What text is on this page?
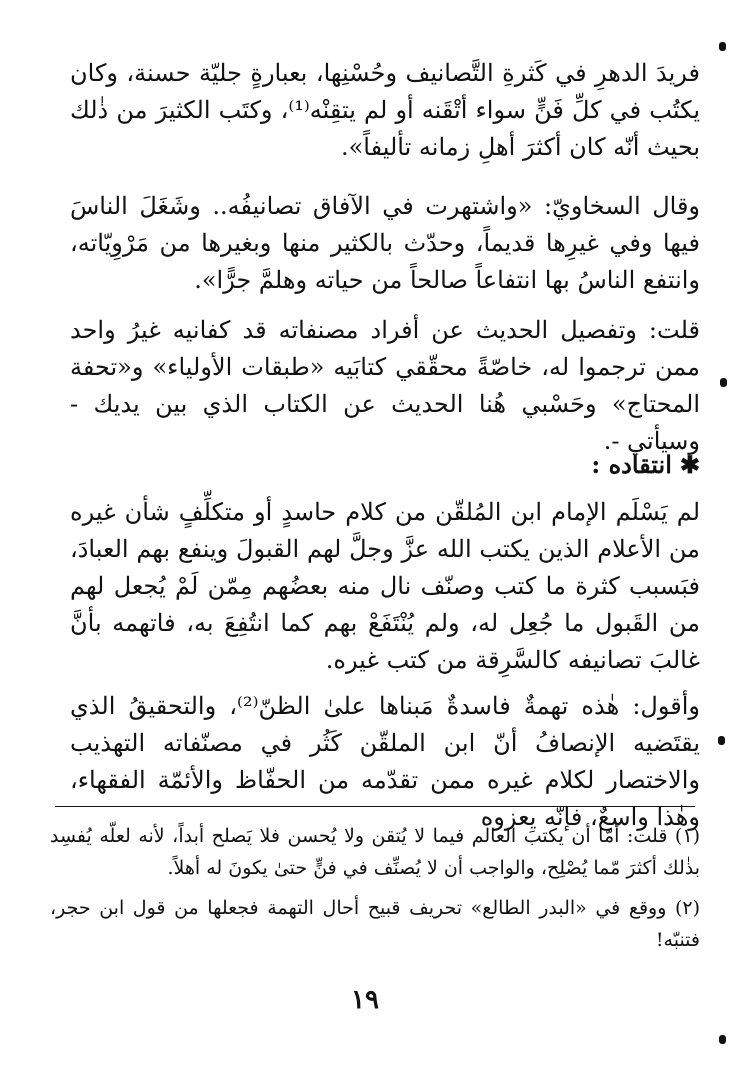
فريدَ الدهرِ في كَثرةِ التَّصانيف وحُسْنِها، بعبارةٍ جليّة حسنة، وكان يكتُب في كلِّ فَنٍّ سواء أتْقَنه أو لم يتقِنْه⁽¹⁾، وكتَب الكثيرَ من ذٰلك بحيث أنّه كان أكثرَ أهلِ زمانه تأليفاً».
وقال السخاويّ: «واشتهرت في الآفاق تصانيفُه.. وشَغَلَ الناسَ فيها وفي غيرِها قديماً، وحدّث بالكثير منها وبغيرها من مَرْوِيّاته، وانتفع الناسُ بها انتفاعاً صالحاً من حياته وهلمَّ جرًّا».
قلت: وتفصيل الحديث عن أفراد مصنفاته قد كفانيه غيرُ واحد ممن ترجموا له، خاصّةً محقّقي كتابَيه «طبقات الأولياء» و«تحفة المحتاج» وحَسْبي هُنا الحديث عن الكتاب الذي بين يديك - وسيأتي -.
✱انتقاده :
لم يَسْلَم الإمام ابن المُلقّن من كلام حاسدٍ أو متكلِّفٍ شأن غيره من الأعلام الذين يكتب الله عزَّ وجلَّ لهم القبولَ وينفع بهم العبادَ، فبَسبب كثرة ما كتب وصنّف نال منه بعضُهم مِمّن لَمْ يُجعل لهم من القَبول ما جُعِل له، ولم يُنْتَفَعْ بهم كما انتُفِعَ به، فاتهمه بأنَّ غالبَ تصانيفه كالسَّرِقة من كتب غيره.
وأقول: هٰذه تهمةٌ فاسدةٌ مَبناها علىٰ الظنّ⁽²⁾، والتحقيقُ الذي يقتَضيه الإنصافُ أنّ ابن الملقّن كَثُر في مصنّفاته التهذيب والاختصار لكلام غيره ممن تقدّمه من الحفّاظ والأئمّة الفقهاء، وهٰذا واسعٌ، فإنّه يعزوه
(١) قلت: أمّا أن يكتبَ العالم فيما لا يُتقن ولا يُحسن فلا يَصلح أبداً، لأنه لعلّه يُفسِد بذٰلك أكثرَ مّما يُصْلِح، والواجب أن لا يُصنِّف في فنٍّ حتىٰ يكونَ له أهلاً.
(٢) ووقع في «البدر الطالع» تحريف قبيح أحال التهمة فجعلها من قول ابن حجر، فتنبّه!
١٩
